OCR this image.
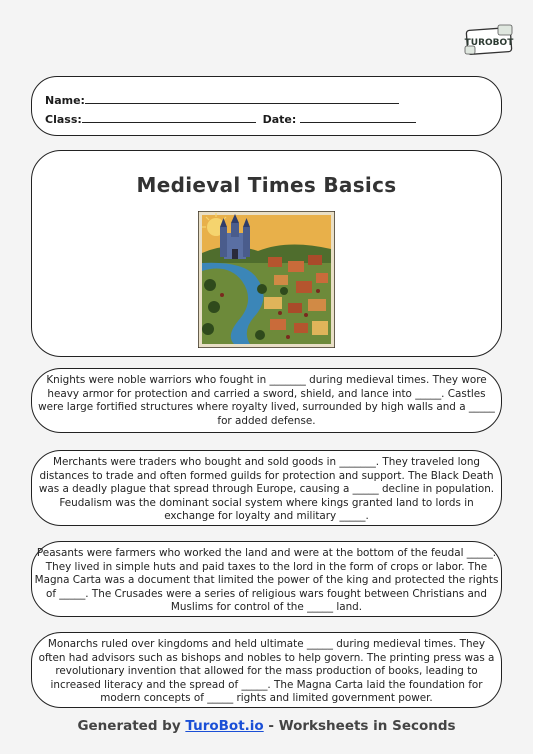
TUROBOT
Name:
Class:	Date:
Medieval Times Basics

Knights were noble warriors who fought in _______ during medieval times. They wore heavy armor for protection and carried a sword, shield, and lance into _____. Castles were large fortified structures where royalty lived, surrounded by high walls and a _____ for added defense.

Merchants were traders who bought and sold goods in _______. They traveled long distances to trade and often formed guilds for protection and support. The Black Death was a deadly plague that spread through Europe, causing a _____ decline in population. Feudalism was the dominant social system where kings granted land to lords in exchange for loyalty and military _____.

Peasants were farmers who worked the land and were at the bottom of the feudal _____. They lived in simple huts and paid taxes to the lord in the form of crops or labor. The Magna Carta was a document that limited the power of the king and protected the rights of _____. The Crusades were a series of religious wars fought between Christians and Muslims for control of the _____ land.

Monarchs ruled over kingdoms and held ultimate _____ during medieval times. They often had advisors such as bishops and nobles to help govern. The printing press was a revolutionary invention that allowed for the mass production of books, leading to increased literacy and the spread of _____. The Magna Carta laid the foundation for modern concepts of _____ rights and limited government power.

Generated by TuroBot.io - Worksheets in Seconds
